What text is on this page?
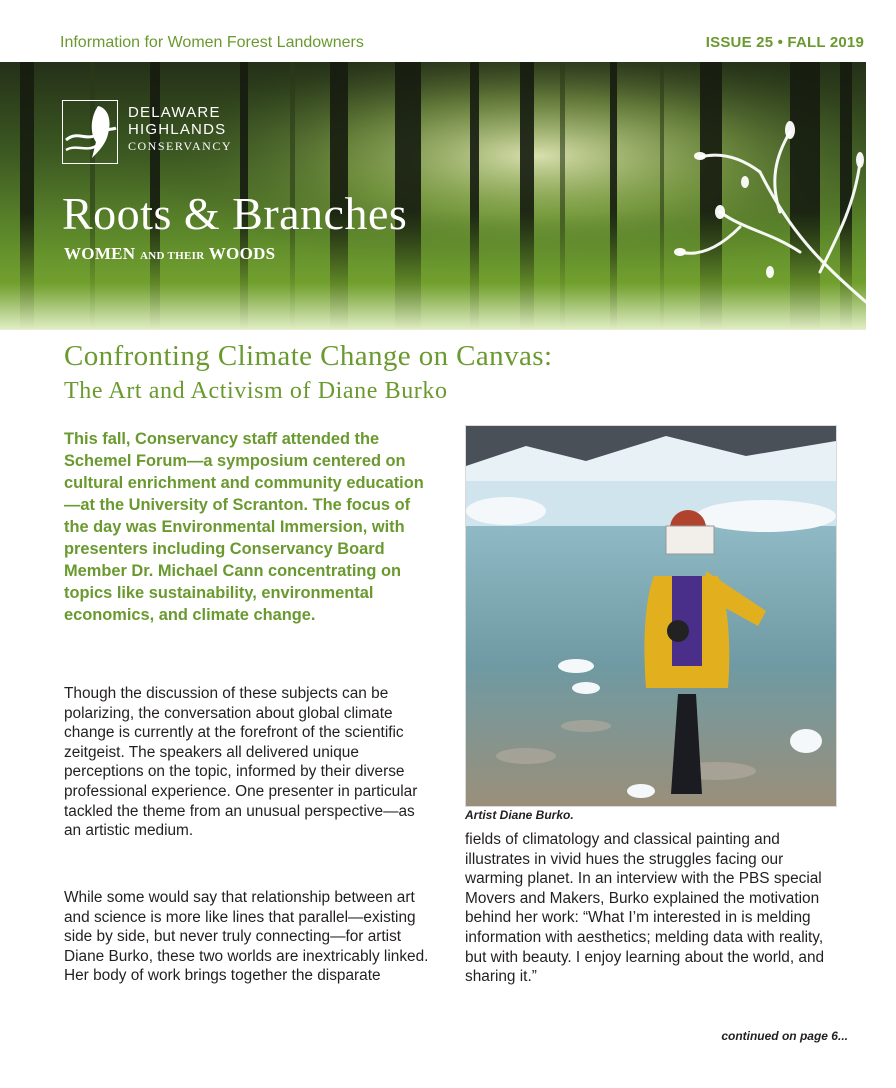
Information for Women Forest Landowners	ISSUE 25 • FALL 2019
DELAWARE
HIGHLANDS
CONSERVANCY
Roots & Branches
WOMEN AND THEIR WOODS
Confronting Climate Change on Canvas:
The Art and Activism of Diane Burko
This fall, Conservancy staff attended the Schemel Forum—a symposium centered on cultural enrichment and community education—at the University of Scranton. The focus of the day was Environmental Immersion, with presenters including Conservancy Board Member Dr. Michael Cann concentrating on topics like sustainability, environmental economics, and climate change.
Though the discussion of these subjects can be polarizing, the conversation about global climate change is currently at the forefront of the scientific zeitgeist. The speakers all delivered unique perceptions on the topic, informed by their diverse professional experience. One presenter in particular tackled the theme from an unusual perspective—as an artistic medium.
While some would say that relationship between art and science is more like lines that parallel—existing side by side, but never truly connecting—for artist Diane Burko, these two worlds are inextricably linked. Her body of work brings together the disparate
Artist Diane Burko.
fields of climatology and classical painting and illustrates in vivid hues the struggles facing our warming planet. In an interview with the PBS special Movers and Makers, Burko explained the motivation behind her work: “What I’m interested in is melding information with aesthetics; melding data with reality, but with beauty. I enjoy learning about the world, and sharing it.”
continued on page 6...
